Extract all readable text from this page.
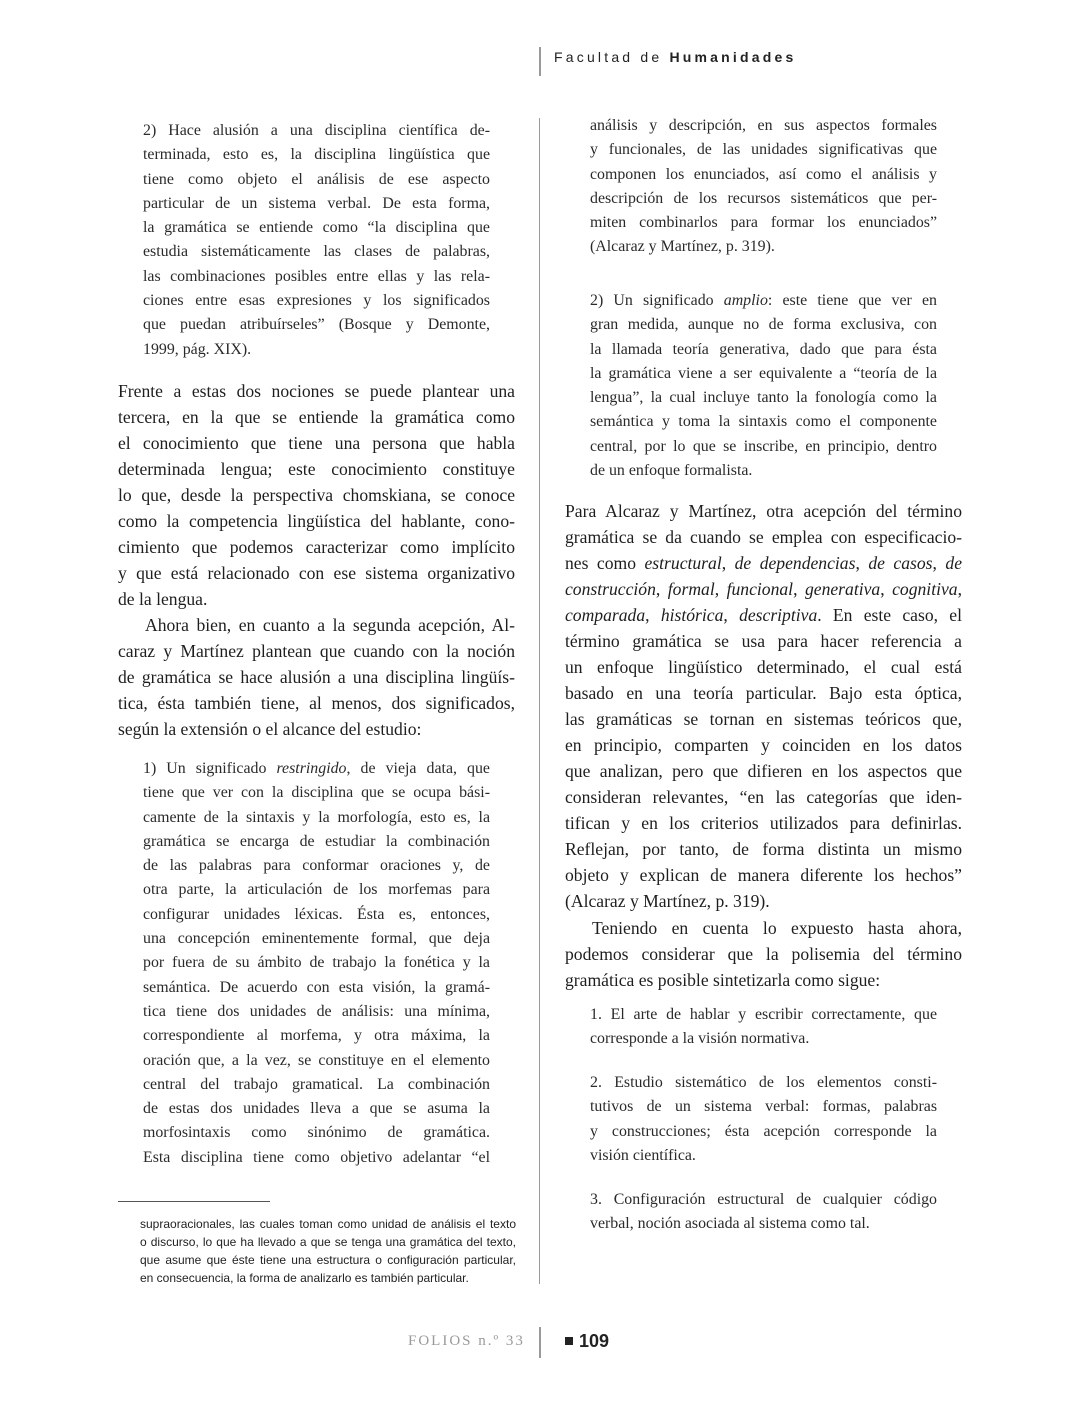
Facultad de Humanidades
2) Hace alusión a una disciplina científica de-
terminada, esto es, la disciplina lingüística que
tiene como objeto el análisis de ese aspecto
particular de un sistema verbal. De esta forma,
la gramática se entiende como “la disciplina que
estudia sistemáticamente las clases de palabras,
las combinaciones posibles entre ellas y las rela-
ciones entre esas expresiones y los significados
que puedan atribuírseles” (Bosque y Demonte,
1999, pág. XIX).
Frente a estas dos nociones se puede plantear una
tercera, en la que se entiende la gramática como
el conocimiento que tiene una persona que habla
determinada lengua; este conocimiento constituye
lo que, desde la perspectiva chomskiana, se conoce
como la competencia lingüística del hablante, cono-
cimiento que podemos caracterizar como implícito
y que está relacionado con ese sistema organizativo
de la lengua.
Ahora bien, en cuanto a la segunda acepción, Al-
caraz y Martínez plantean que cuando con la noción
de gramática se hace alusión a una disciplina lingüís-
tica, ésta también tiene, al menos, dos significados,
según la extensión o el alcance del estudio:
1) Un significado restringido, de vieja data, que
tiene que ver con la disciplina que se ocupa bási-
camente de la sintaxis y la morfología, esto es, la
gramática se encarga de estudiar la combinación
de las palabras para conformar oraciones y, de
otra parte, la articulación de los morfemas para
configurar unidades léxicas. Ésta es, entonces,
una concepción eminentemente formal, que deja
por fuera de su ámbito de trabajo la fonética y la
semántica. De acuerdo con esta visión, la gramá-
tica tiene dos unidades de análisis: una mínima,
correspondiente al morfema, y otra máxima, la
oración que, a la vez, se constituye en el elemento
central del trabajo gramatical. La combinación
de estas dos unidades lleva a que se asuma la
morfosintaxis como sinónimo de gramática.
Esta disciplina tiene como objetivo adelantar “el
supraoracionales, las cuales toman como unidad de análisis el texto
o discurso, lo que ha llevado a que se tenga una gramática del texto,
que asume que éste tiene una estructura o configuración particular,
en consecuencia, la forma de analizarlo es también particular.
análisis y descripción, en sus aspectos formales
y funcionales, de las unidades significativas que
componen los enunciados, así como el análisis y
descripción de los recursos sistemáticos que per-
miten combinarlos para formar los enunciados”
(Alcaraz y Martínez, p. 319).
2) Un significado amplio: este tiene que ver en
gran medida, aunque no de forma exclusiva, con
la llamada teoría generativa, dado que para ésta
la gramática viene a ser equivalente a “teoría de la
lengua”, la cual incluye tanto la fonología como la
semántica y toma la sintaxis como el componente
central, por lo que se inscribe, en principio, dentro
de un enfoque formalista.
Para Alcaraz y Martínez, otra acepción del término
gramática se da cuando se emplea con especificacio-
nes como estructural, de dependencias, de casos, de
construcción, formal, funcional, generativa, cognitiva,
comparada, histórica, descriptiva. En este caso, el
término gramática se usa para hacer referencia a
un enfoque lingüístico determinado, el cual está
basado en una teoría particular. Bajo esta óptica,
las gramáticas se tornan en sistemas teóricos que,
en principio, comparten y coinciden en los datos
que analizan, pero que difieren en los aspectos que
consideran relevantes, “en las categorías que iden-
tifican y en los criterios utilizados para definirlas.
Reflejan, por tanto, de forma distinta un mismo
objeto y explican de manera diferente los hechos”
(Alcaraz y Martínez, p. 319).
Teniendo en cuenta lo expuesto hasta ahora,
podemos considerar que la polisemia del término
gramática es posible sintetizarla como sigue:
1. El arte de hablar y escribir correctamente, que
corresponde a la visión normativa.
2. Estudio sistemático de los elementos consti-
tutivos de un sistema verbal: formas, palabras
y construcciones; ésta acepción corresponde la
visión científica.
3. Configuración estructural de cualquier código
verbal, noción asociada al sistema como tal.
FOLIOS n.º 33	109
